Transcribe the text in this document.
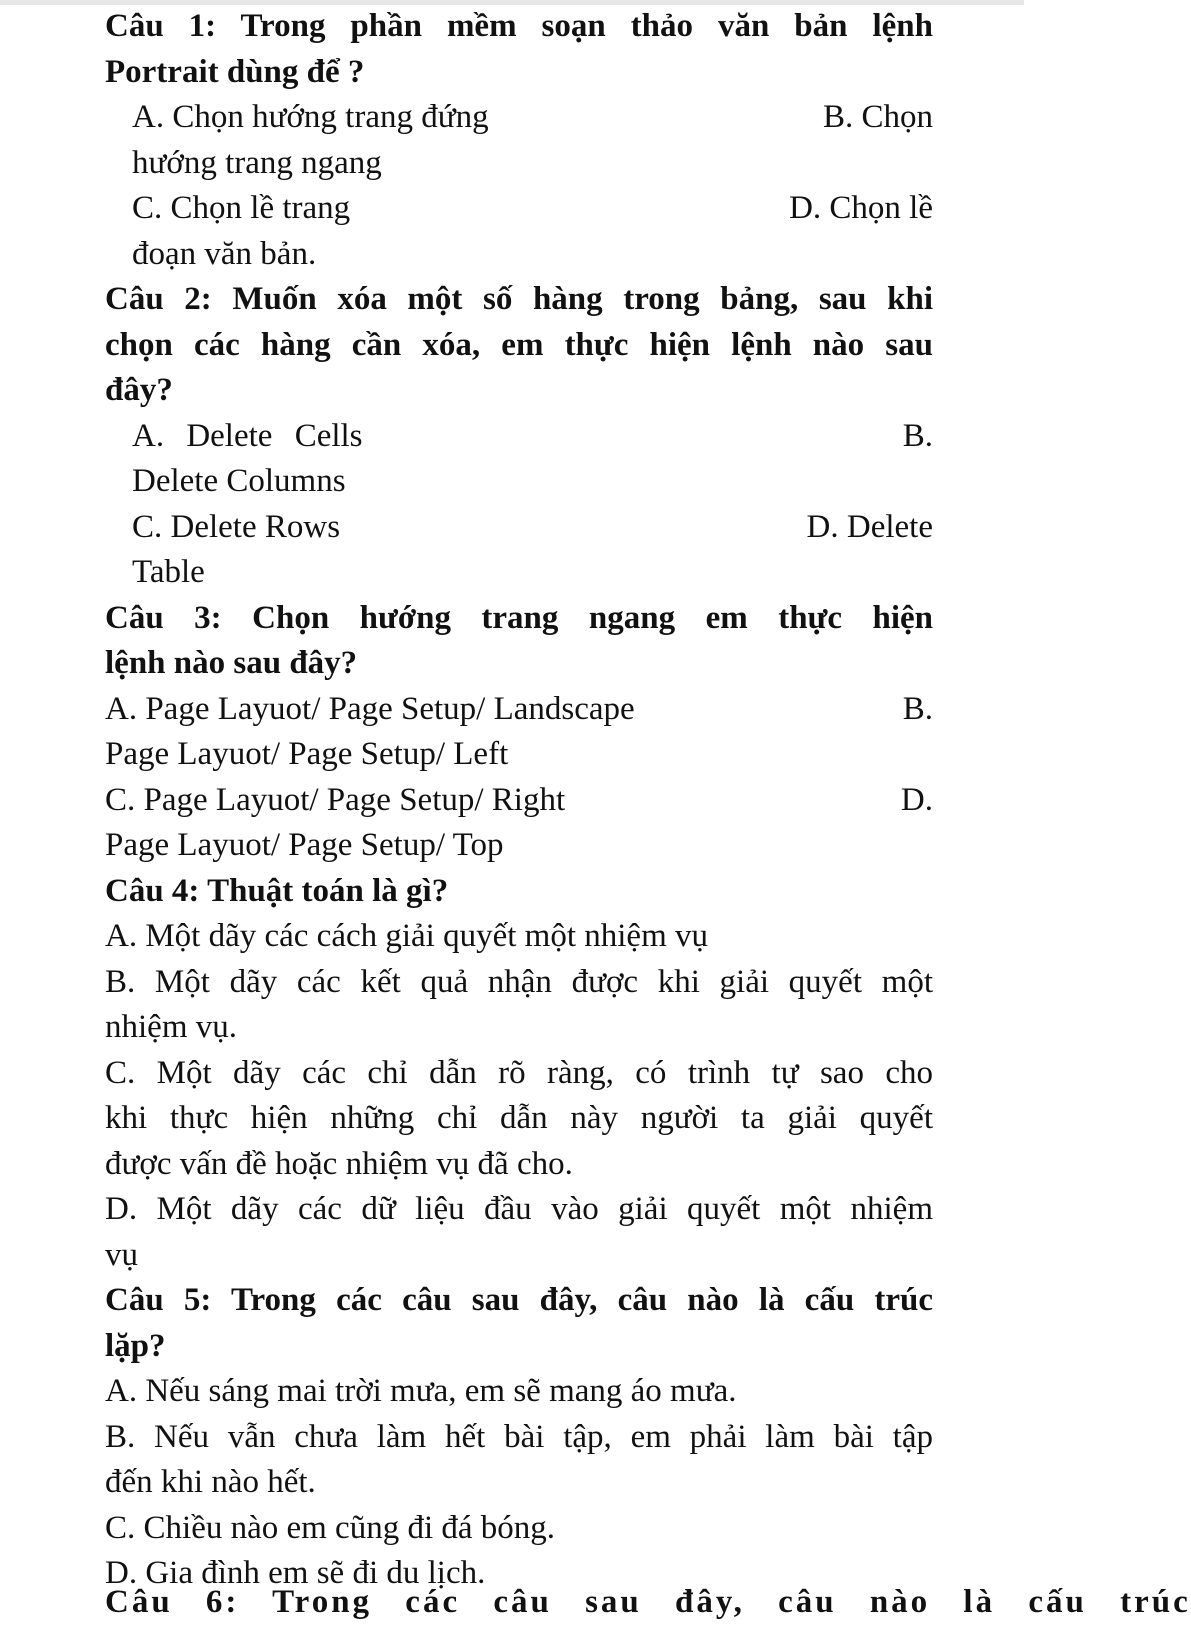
Câu 1: Trong phần mềm soạn thảo văn bản lệnh
Portrait dùng để ?
A. Chọn hướng trang đứng	B. Chọn
hướng trang ngang
C. Chọn lề trang	D. Chọn lề
đoạn văn bản.
Câu 2: Muốn xóa một số hàng trong bảng, sau khi
chọn các hàng cần xóa, em thực hiện lệnh nào sau
đây?
A. Delete Cells	B.
Delete Columns
C. Delete Rows	D. Delete
Table
Câu 3: Chọn hướng trang ngang em thực hiện
lệnh nào sau đây?
A. Page Layuot/ Page Setup/ Landscape	B.
Page Layuot/ Page Setup/ Left
C. Page Layuot/ Page Setup/ Right	D.
Page Layuot/ Page Setup/ Top
Câu 4: Thuật toán là gì?
A. Một dãy các cách giải quyết một nhiệm vụ
B. Một dãy các kết quả nhận được khi giải quyết một
nhiệm vụ.
C. Một dãy các chỉ dẫn rõ ràng, có trình tự sao cho
khi thực hiện những chỉ dẫn này người ta giải quyết
được vấn đề hoặc nhiệm vụ đã cho.
D. Một dãy các dữ liệu đầu vào giải quyết một nhiệm
vụ
Câu 5: Trong các câu sau đây, câu nào là cấu trúc
lặp?
A. Nếu sáng mai trời mưa, em sẽ mang áo mưa.
B. Nếu vẫn chưa làm hết bài tập, em phải làm bài tập
đến khi nào hết.
C. Chiều nào em cũng đi đá bóng.
D. Gia đình em sẽ đi du lịch.
Câu 6: Trong các câu sau đây, câu nào là cấu trúc
